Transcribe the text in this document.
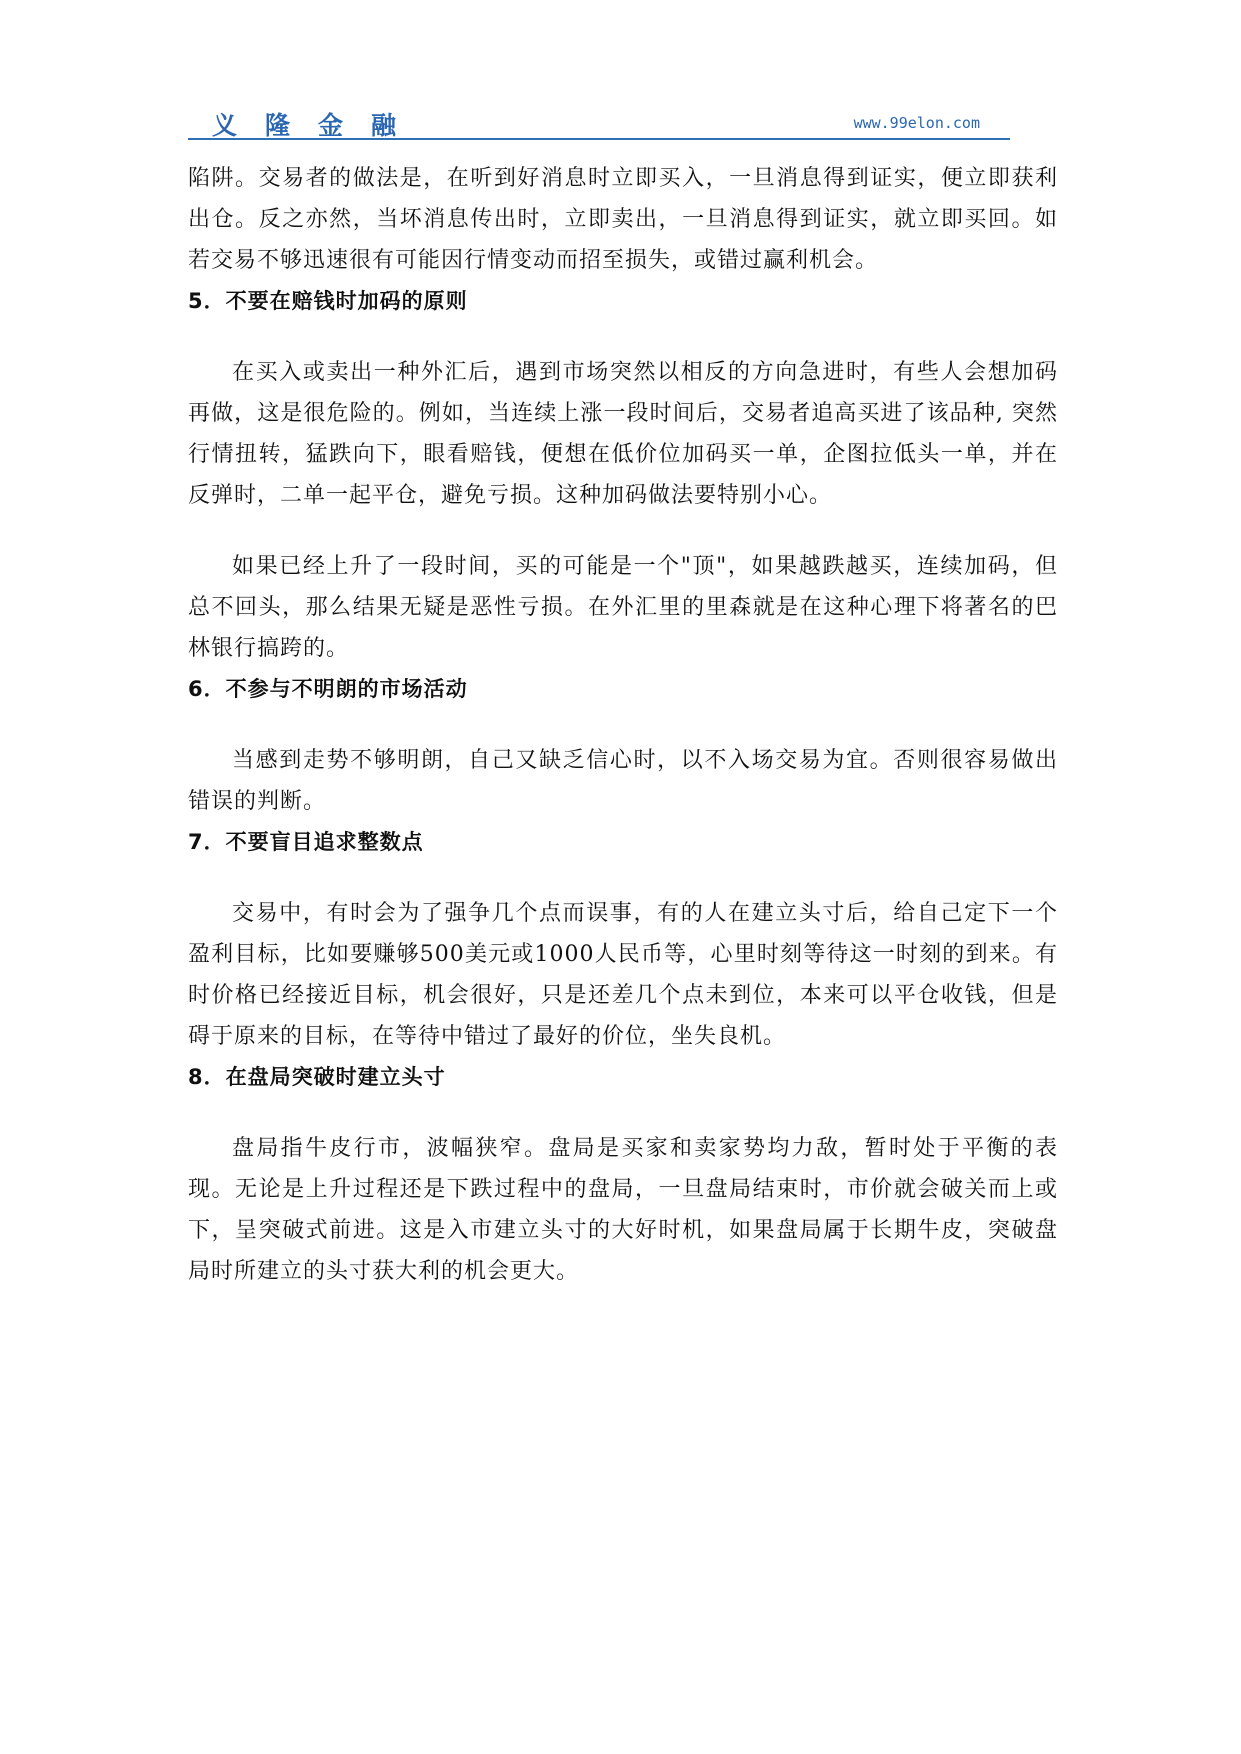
义隆金融	www.99elon.com

陷阱。交易者的做法是，在听到好消息时立即买入，一旦消息得到证实，便立即获利出仓。反之亦然，当坏消息传出时，立即卖出，一旦消息得到证实，就立即买回。如若交易不够迅速很有可能因行情变动而招至损失，或错过赢利机会。

5．不要在赔钱时加码的原则

在买入或卖出一种外汇后，遇到市场突然以相反的方向急进时，有些人会想加码再做，这是很危险的。例如，当连续上涨一段时间后，交易者追高买进了该品种, 突然行情扭转，猛跌向下，眼看赔钱，便想在低价位加码买一单，企图拉低头一单，并在反弹时，二单一起平仓，避免亏损。这种加码做法要特别小心。

如果已经上升了一段时间，买的可能是一个"顶"，如果越跌越买，连续加码，但总不回头，那么结果无疑是恶性亏损。在外汇里的里森就是在这种心理下将著名的巴林银行搞跨的。

6．不参与不明朗的市场活动

当感到走势不够明朗，自己又缺乏信心时，以不入场交易为宜。否则很容易做出错误的判断。

7．不要盲目追求整数点

交易中，有时会为了强争几个点而误事，有的人在建立头寸后，给自己定下一个盈利目标，比如要赚够500美元或1000人民币等，心里时刻等待这一时刻的到来。有时价格已经接近目标，机会很好，只是还差几个点未到位，本来可以平仓收钱，但是碍于原来的目标，在等待中错过了最好的价位，坐失良机。

8．在盘局突破时建立头寸

盘局指牛皮行市，波幅狭窄。盘局是买家和卖家势均力敌，暂时处于平衡的表现。无论是上升过程还是下跌过程中的盘局，一旦盘局结束时，市价就会破关而上或下，呈突破式前进。这是入市建立头寸的大好时机，如果盘局属于长期牛皮，突破盘局时所建立的头寸获大利的机会更大。
